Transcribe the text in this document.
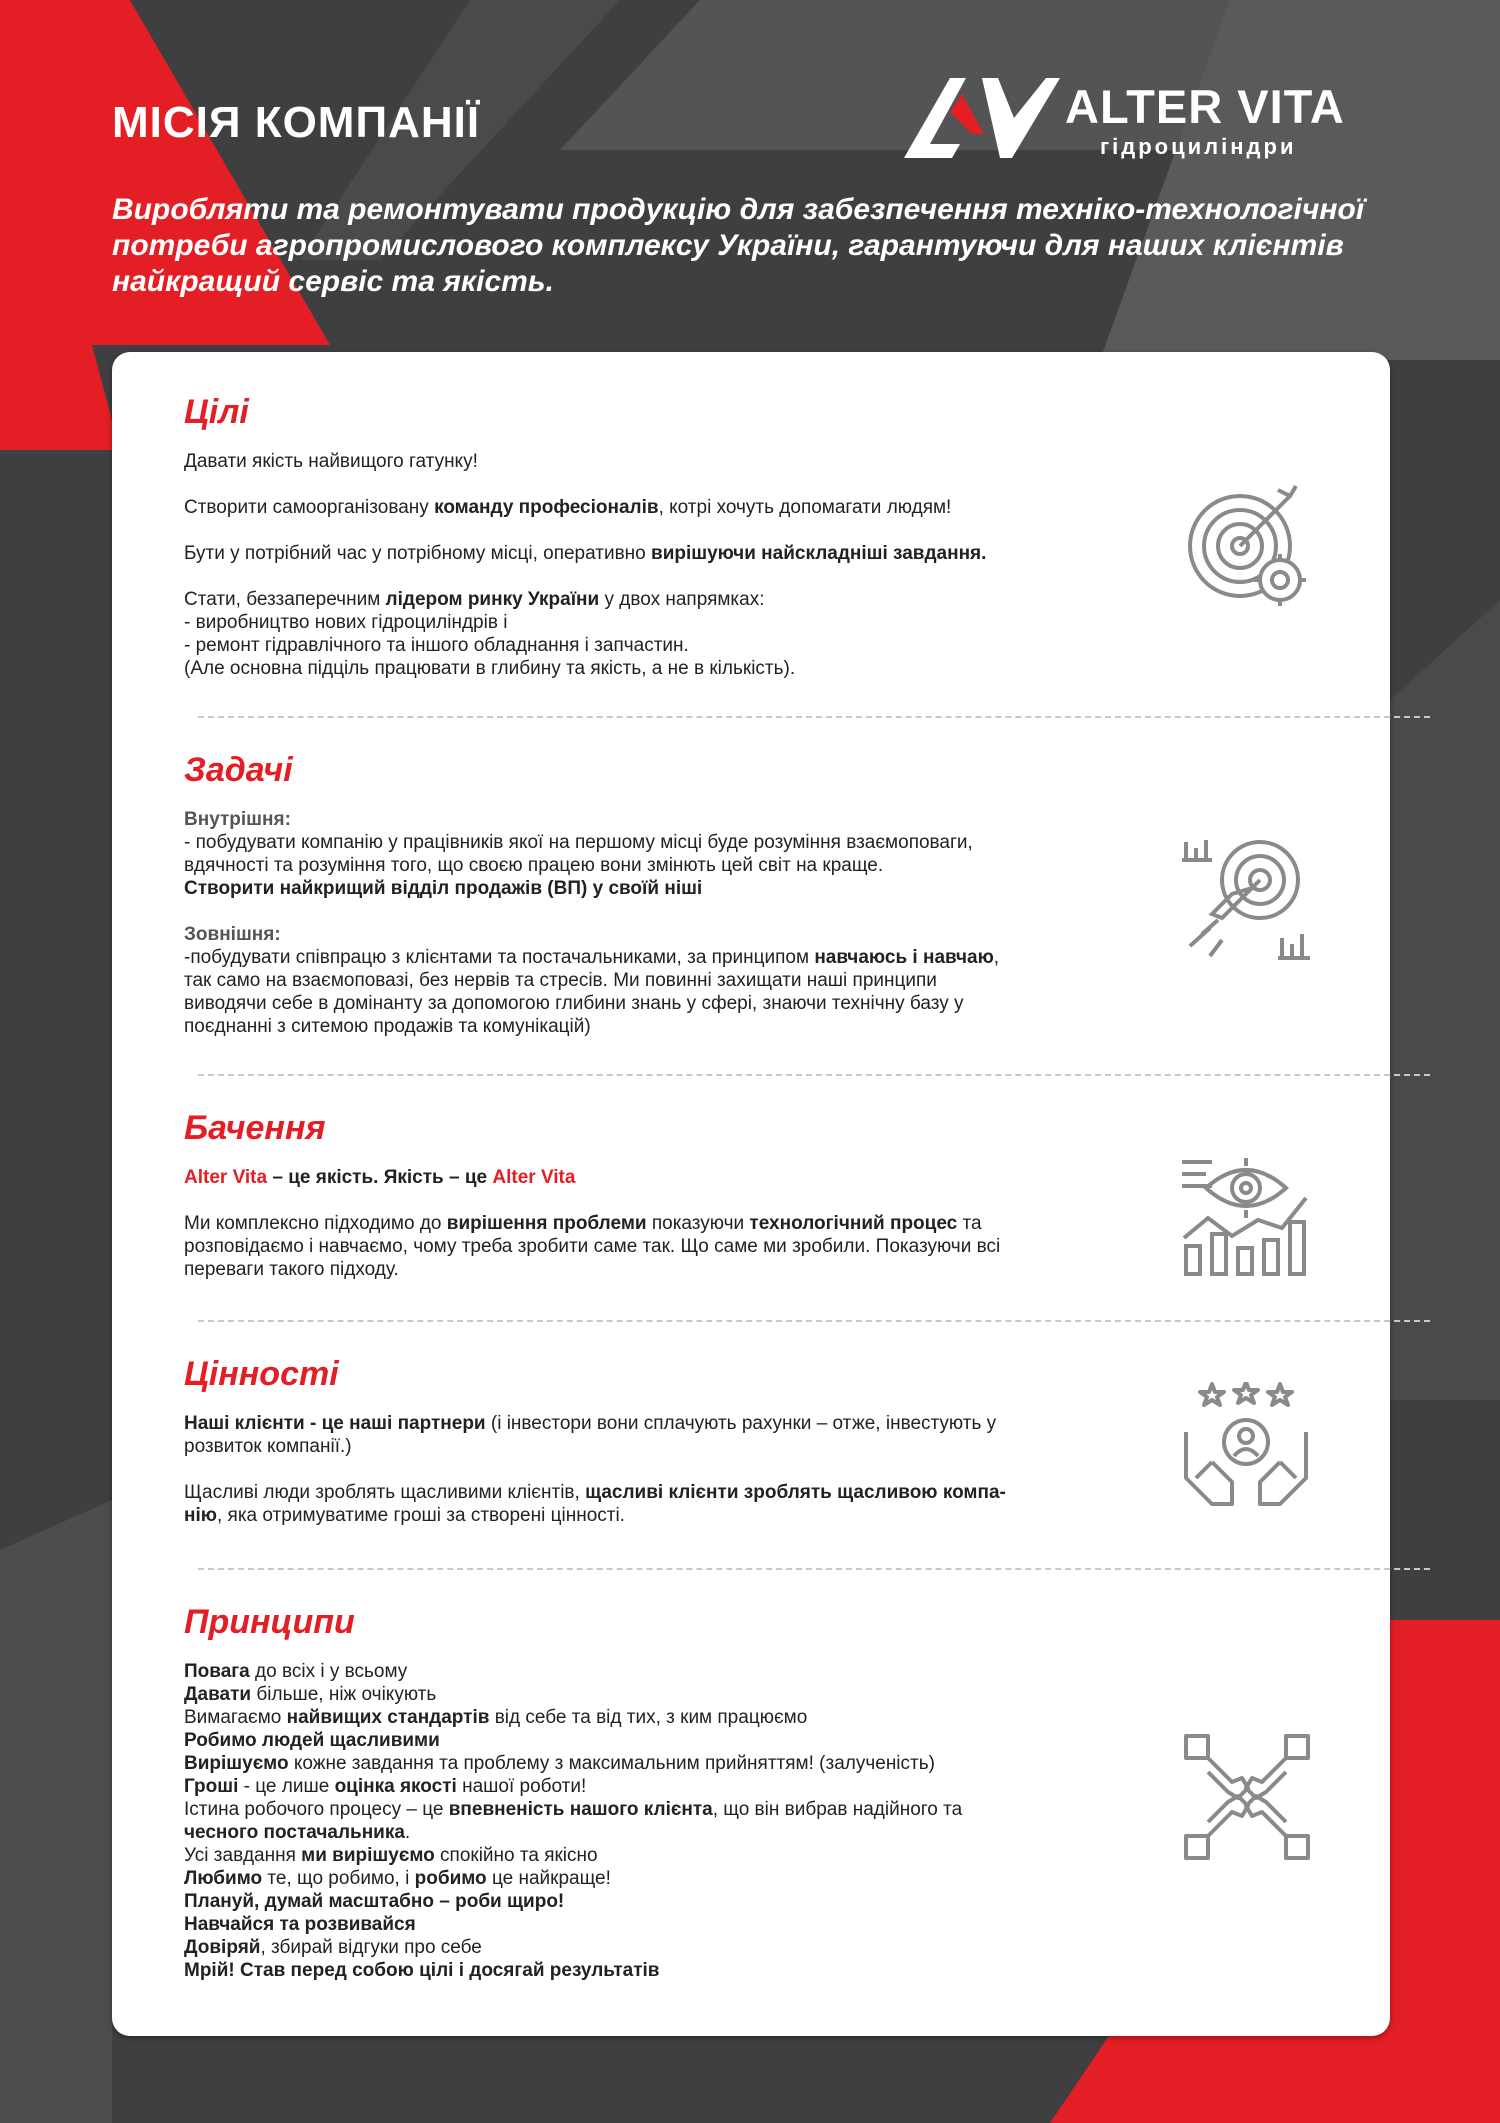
МІСІЯ КОМПАНІЇ	ALTER VITA
гідроциліндри
Виробляти та ремонтувати продукцію для забезпечення техніко-технологічної потреби агропромислового комплексу України, гарантуючи для наших клієнтів найкращий сервіс та якість.
Цілі

Давати якість найвищого гатунку!

Створити самоорганізовану команду професіоналів, котрі хочуть допомагати людям!

Бути у потрібний час у потрібному місці, оперативно вирішуючи найскладніші завдання.

Стати, беззаперечним лідером ринку України у двох напрямках:

- виробництво нових гідроциліндрів і

- ремонт гідравлічного та іншого обладнання і запчастин.

(Але основна підціль працювати в глибину та якість, а не в кількість).

Задачі

Внутрішня:

- побудувати компанію у працівників якої на першому місці буде розуміння взаємоповаги,

вдячності та розуміння того, що своєю працею вони змінють цей світ на краще.

Створити найкрищий відділ продажів (ВП) у своїй ніші

Зовнішня:

-побудувати співпрацю з клієнтами та постачальниками, за принципом навчаюсь і навчаю,

так само на взаємоповазі, без нервів та стресів. Ми повинні захищати наші принципи

виводячи себе в домінанту за допомогою глибини знань у сфері, знаючи технічну базу у

поєднанні з ситемою продажів та комунікацій)

Бачення

Alter Vita – це якість. Якість – це Alter Vita

Ми комплексно підходимо до вирішення проблеми показуючи технологічний процес та

розповідаємо і навчаємо, чому треба зробити саме так. Що саме ми зробили. Показуючи всі

переваги такого підходу.

Цінності

Наші клієнти - це наші партнери (і інвестори вони сплачують рахунки – отже, інвестують у

розвиток компанії.)

Щасливі люди зроблять щасливими клієнтів, щасливі клієнти зроблять щасливою компа-

нію, яка отримуватиме гроші за створені цінності.

Принципи

Повага до всіх і у всьому

Давати більше, ніж очікують

Вимагаємо найвищих стандартів від себе та від тих, з ким працюємо

Робимо людей щасливими

Вирішуємо кожне завдання та проблему з максимальним прийняттям! (залученість)

Гроші - це лише оцінка якості нашої роботи!

Істина робочого процесу – це впевненість нашого клієнта, що він вибрав надійного та

чесного постачальника.

Усі завдання ми вирішуємо спокійно та якісно

Любимо те, що робимо, і робимо це найкраще!

Плануй, думай масштабно – роби щиро!

Навчайся та розвивайся

Довіряй, збирай відгуки про себе

Мрій! Став перед собою цілі і досягай результатів
